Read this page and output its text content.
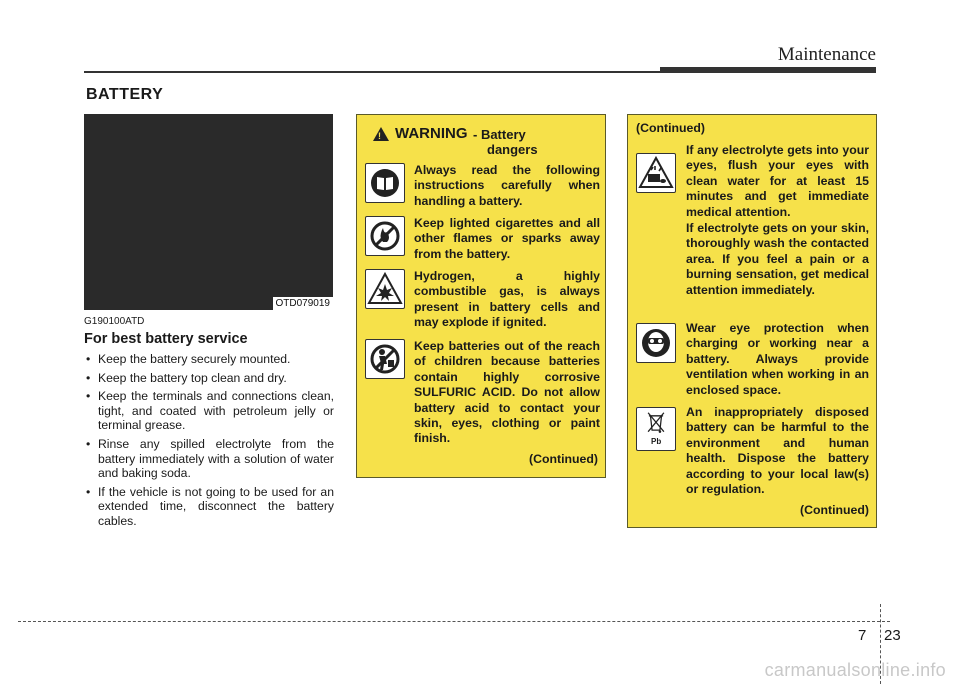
Maintenance
BATTERY
OTD079019
G190100ATD
For best battery service
• Keep the battery securely mounted.
• Keep the battery top clean and dry.
• Keep the terminals and connections clean, tight, and coated with petroleum jelly or terminal grease.
• Rinse any spilled electrolyte from the battery immediately with a solution of water and baking soda.
• If the vehicle is not going to be used for an extended time, disconnect the battery cables.
! WARNING - Battery
dangers

Always read the following instructions carefully when handling a battery.

Keep lighted cigarettes and all other flames or sparks away from the battery.

Hydrogen, a highly combustible gas, is always present in battery cells and may explode if ignited.

Keep batteries out of the reach of children because batteries contain highly corrosive SULFURIC ACID. Do not allow battery acid to contact your skin, eyes, clothing or paint finish.

(Continued)
(Continued)

If any electrolyte gets into your eyes, flush your eyes with clean water for at least 15 minutes and get immediate medical attention.

If electrolyte gets on your skin, thoroughly wash the contacted area. If you feel a pain or a burning sensation, get medical attention immediately.

Wear eye protection when charging or working near a battery. Always provide ventilation when working in an enclosed space.

Pb

An inappropriately disposed battery can be harmful to the environment and human health. Dispose the battery according to your local law(s) or regulation.

(Continued)
7 23
carmanualsonline.info
